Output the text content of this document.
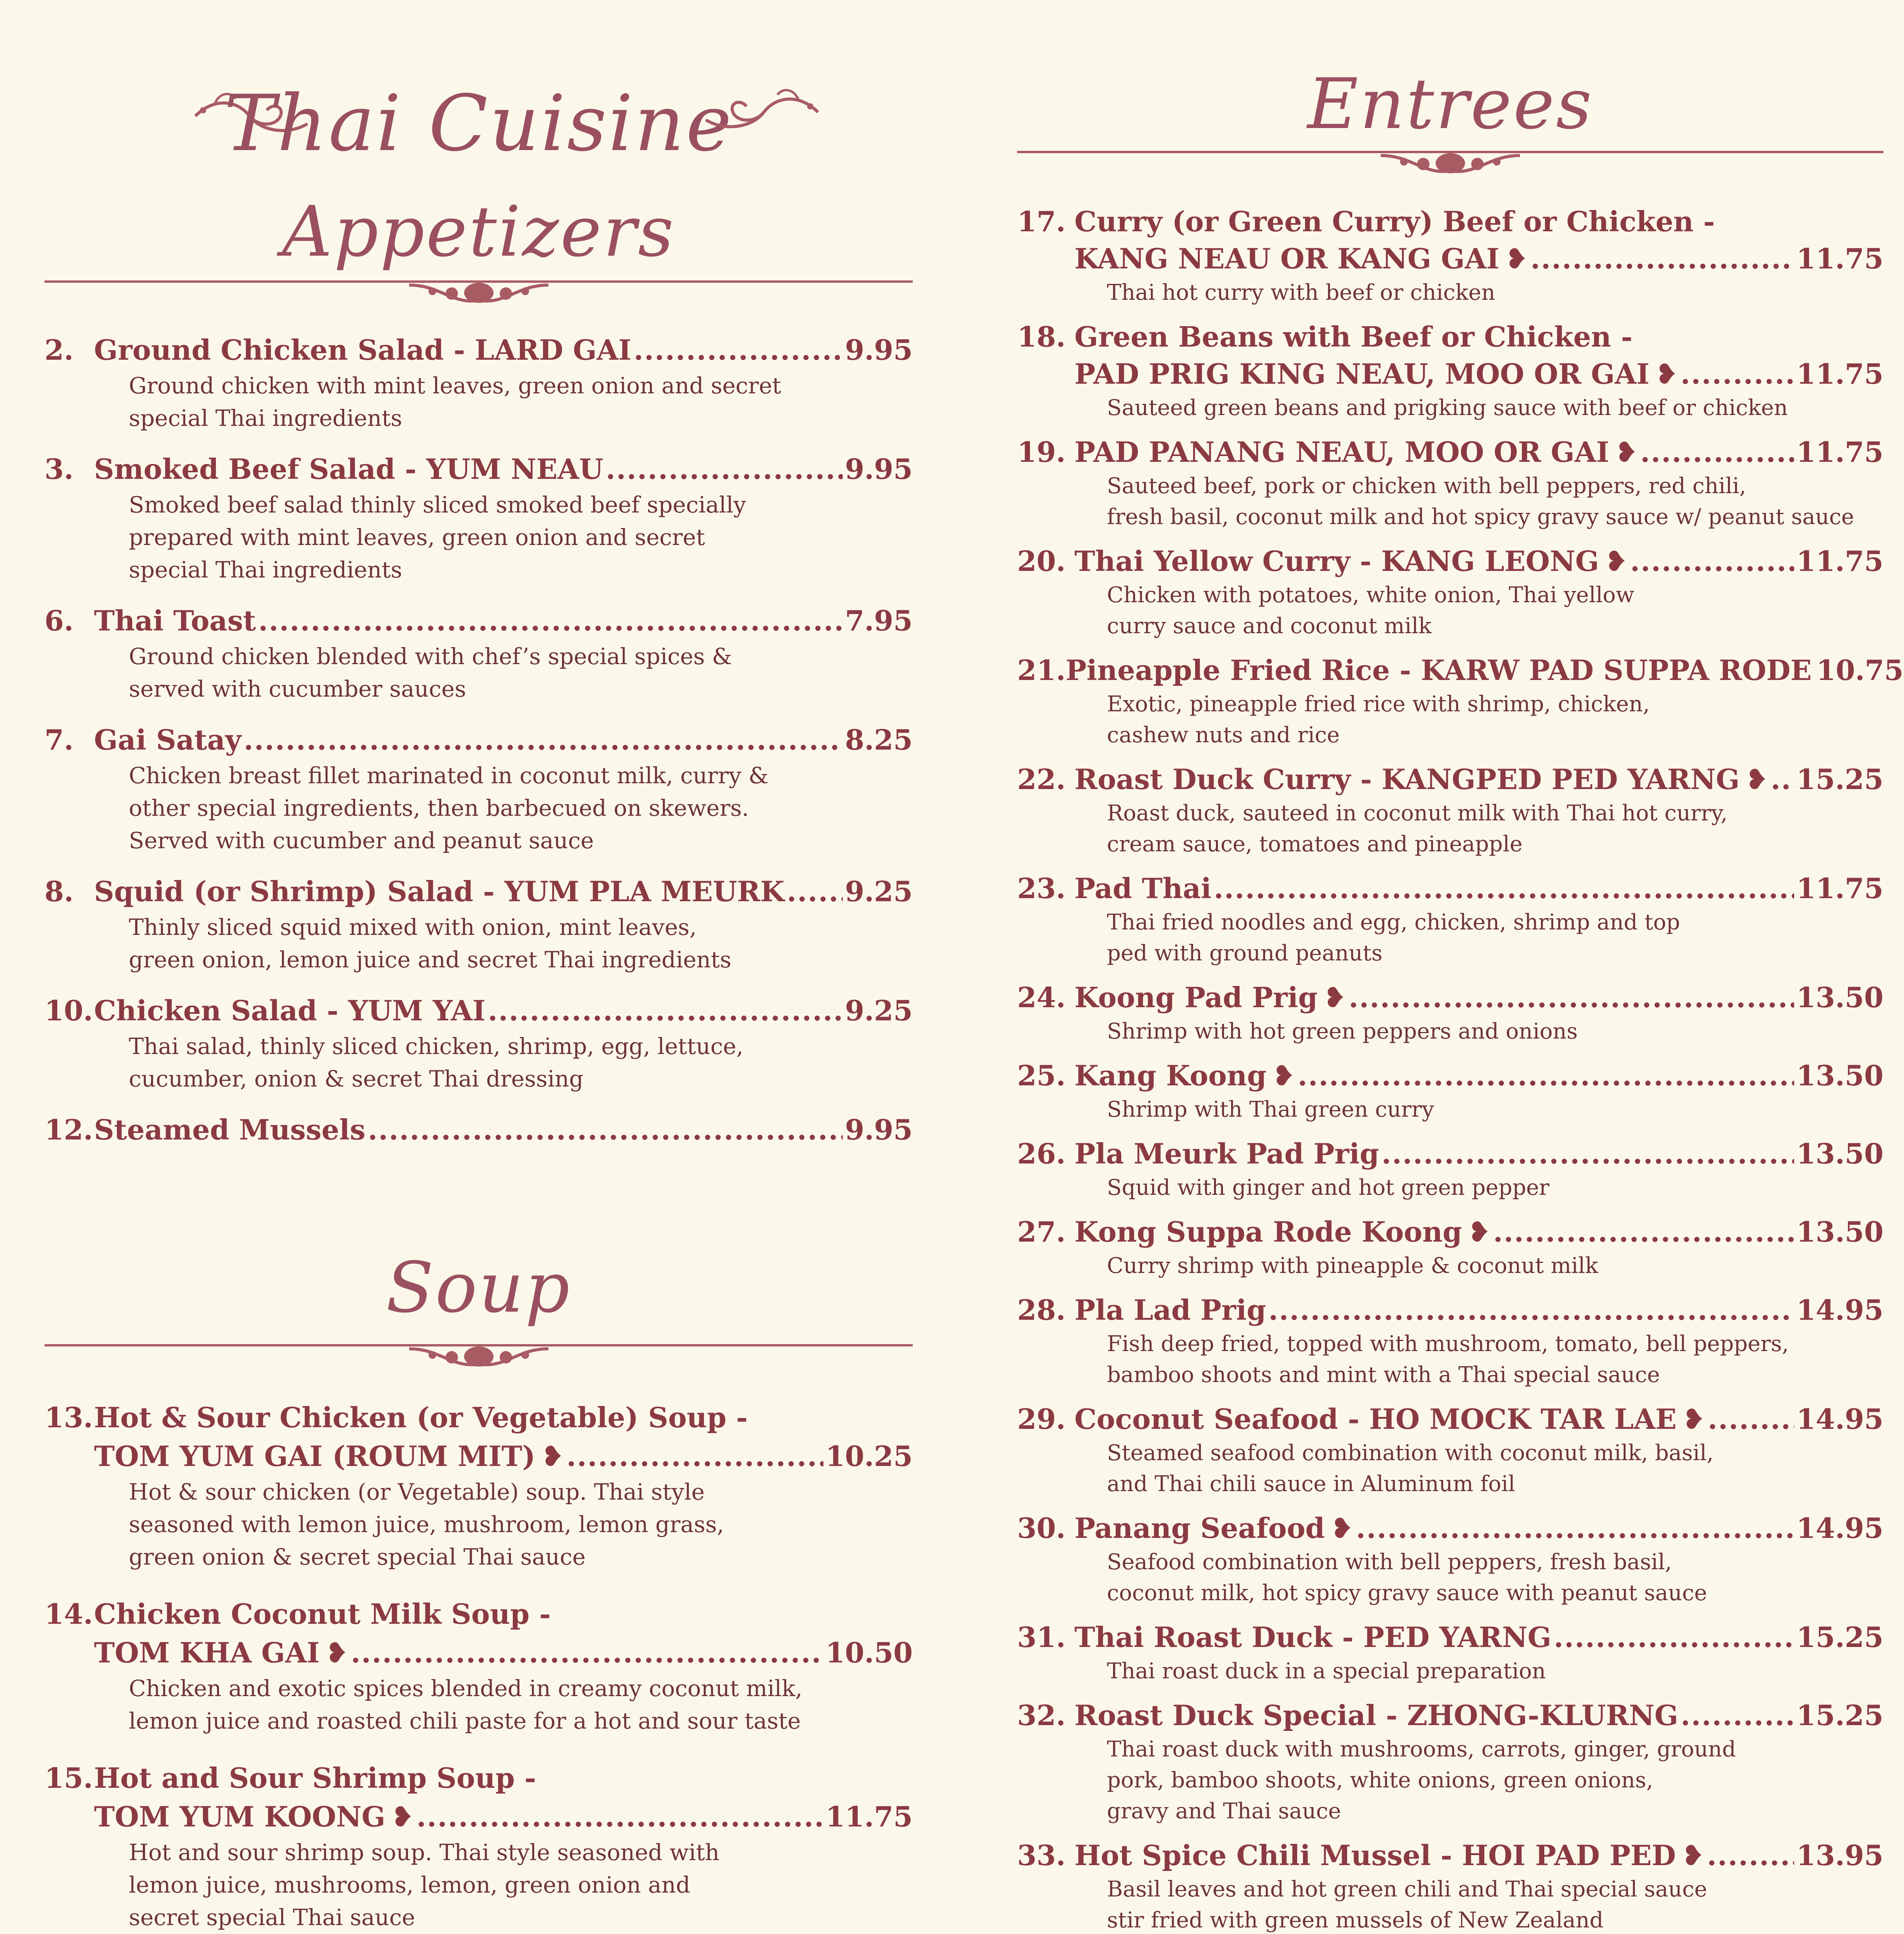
Thai Cuisine
Appetizers
2. Ground Chicken Salad - LARD GAI .....	9.95
Ground chicken with mint leaves, green onion and secret
special Thai ingredients
3. Smoked Beef Salad - YUM NEAU .....	9.95
Smoked beef salad thinly sliced smoked beef specially
prepared with mint leaves, green onion and secret
special Thai ingredients
6. Thai Toast .....	7.95
Ground chicken blended with chef’s special spices &
served with cucumber sauces
7. Gai Satay .....	8.25
Chicken breast fillet marinated in coconut milk, curry &
other special ingredients, then barbecued on skewers.
Served with cucumber and peanut sauce
8. Squid (or Shrimp) Salad - YUM PLA MEURK ..... 9.25
Thinly sliced squid mixed with onion, mint leaves,
green onion, lemon juice and secret Thai ingredients
10. Chicken Salad - YUM YAI .....	9.25
Thai salad, thinly sliced chicken, shrimp, egg, lettuce,
cucumber, onion & secret Thai dressing
12. Steamed Mussels .....	9.95
Soup
13. Hot & Sour Chicken (or Vegetable) Soup -
TOM YUM GAI (ROUM MIT) ❥ .....	10.25
Hot & sour chicken (or Vegetable) soup. Thai style
seasoned with lemon juice, mushroom, lemon grass,
green onion & secret special Thai sauce
14. Chicken Coconut Milk Soup -
TOM KHA GAI ❥ .....	10.50
Chicken and exotic spices blended in creamy coconut milk,
lemon juice and roasted chili paste for a hot and sour taste
15. Hot and Sour Shrimp Soup -
TOM YUM KOONG ❥ .....	11.75
Hot and sour shrimp soup. Thai style seasoned with
lemon juice, mushrooms, lemon, green onion and
secret special Thai sauce
Entrees
17. Curry (or Green Curry) Beef or Chicken -
KANG NEAU OR KANG GAI ❥ .....	11.75
Thai hot curry with beef or chicken
18. Green Beans with Beef or Chicken -
PAD PRIG KING NEAU, MOO OR GAI ❥ .....	11.75
Sauteed green beans and prigking sauce with beef or chicken
19. PAD PANANG NEAU, MOO OR GAI ❥ .....	11.75
Sauteed beef, pork or chicken with bell peppers, red chili,
fresh basil, coconut milk and hot spicy gravy sauce w/ peanut sauce
20. Thai Yellow Curry - KANG LEONG ❥ .....	11.75
Chicken with potatoes, white onion, Thai yellow
curry sauce and coconut milk
21. Pineapple Fried Rice - KARW PAD SUPPA RODE 10.75
Exotic, pineapple fried rice with shrimp, chicken,
cashew nuts and rice
22. Roast Duck Curry - KANGPED PED YARNG ❥ ..... 15.25
Roast duck, sauteed in coconut milk with Thai hot curry,
cream sauce, tomatoes and pineapple
23. Pad Thai .....	11.75
Thai fried noodles and egg, chicken, shrimp and top
ped with ground peanuts
24. Koong Pad Prig ❥ .....	13.50
Shrimp with hot green peppers and onions
25. Kang Koong ❥ .....	13.50
Shrimp with Thai green curry
26. Pla Meurk Pad Prig .....	13.50
Squid with ginger and hot green pepper
27. Kong Suppa Rode Koong ❥ .....	13.50
Curry shrimp with pineapple & coconut milk
28. Pla Lad Prig .....	14.95
Fish deep fried, topped with mushroom, tomato, bell peppers,
bamboo shoots and mint with a Thai special sauce
29. Coconut Seafood - HO MOCK TAR LAE ❥ .....	14.95
Steamed seafood combination with coconut milk, basil,
and Thai chili sauce in Aluminum foil
30. Panang Seafood ❥ .....	14.95
Seafood combination with bell peppers, fresh basil,
coconut milk, hot spicy gravy sauce with peanut sauce
31. Thai Roast Duck - PED YARNG .....	15.25
Thai roast duck in a special preparation
32. Roast Duck Special - ZHONG-KLURNG .....	15.25
Thai roast duck with mushrooms, carrots, ginger, ground
pork, bamboo shoots, white onions, green onions,
gravy and Thai sauce
33. Hot Spice Chili Mussel - HOI PAD PED ❥ .....	13.95
Basil leaves and hot green chili and Thai special sauce
stir fried with green mussels of New Zealand
